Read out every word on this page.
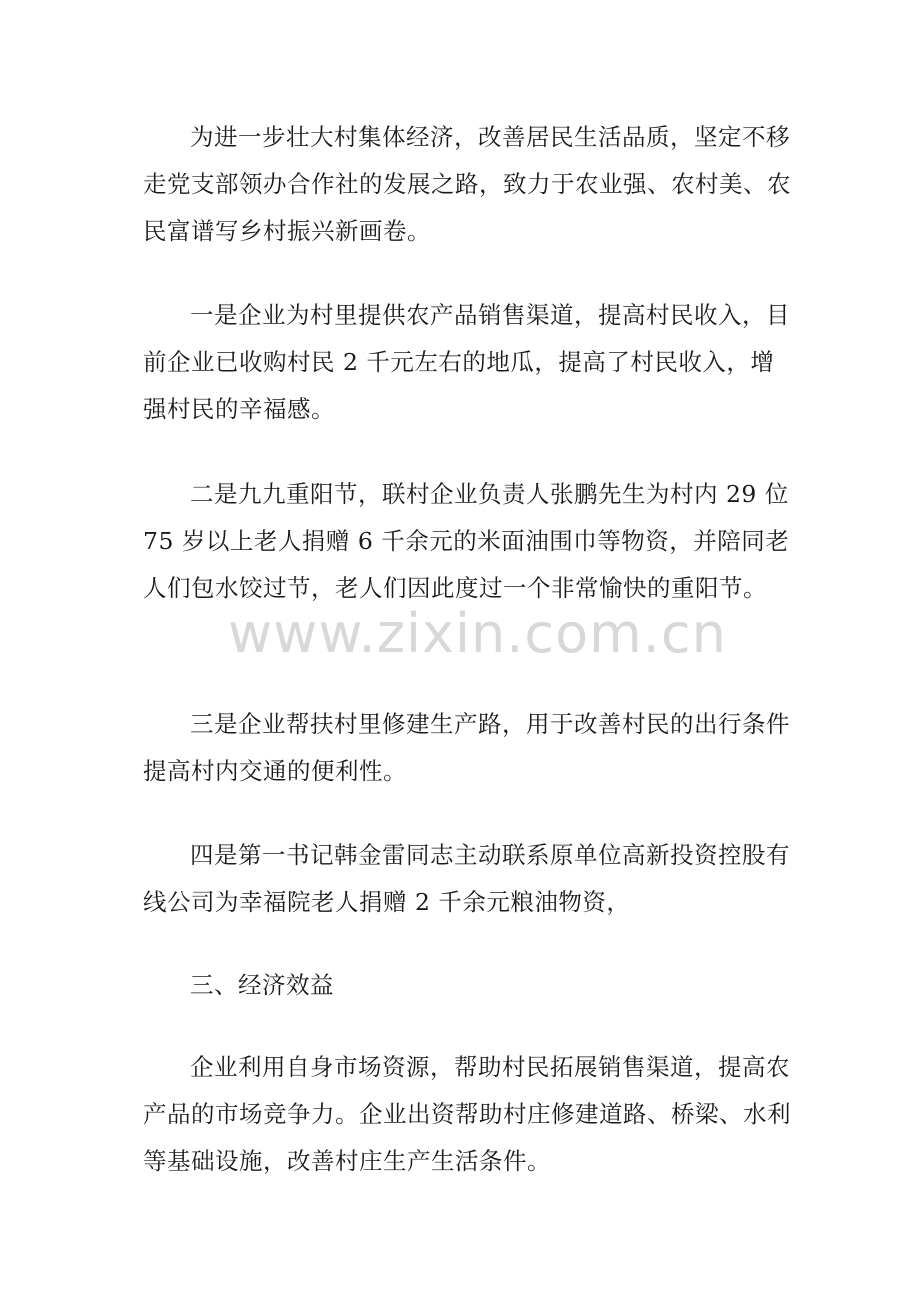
为进一步壮大村集体经济，改善居民生活品质，坚定不移走党支部领办合作社的发展之路，致力于农业强、农村美、农民富谱写乡村振兴新画卷。

一是企业为村里提供农产品销售渠道，提高村民收入，目前企业已收购村民 2 千元左右的地瓜，提高了村民收入，增强村民的辛福感。

二是九九重阳节，联村企业负责人张鹏先生为村内 29 位 75 岁以上老人捐赠 6 千余元的米面油围巾等物资，并陪同老人们包水饺过节，老人们因此度过一个非常愉快的重阳节。

三是企业帮扶村里修建生产路，用于改善村民的出行条件提高村内交通的便利性。

四是第一书记韩金雷同志主动联系原单位高新投资控股有线公司为幸福院老人捐赠 2 千余元粮油物资，

三、经济效益

企业利用自身市场资源，帮助村民拓展销售渠道，提高农产品的市场竞争力。企业出资帮助村庄修建道路、桥梁、水利等基础设施，改善村庄生产生活条件。

www.zixin.com.cn
